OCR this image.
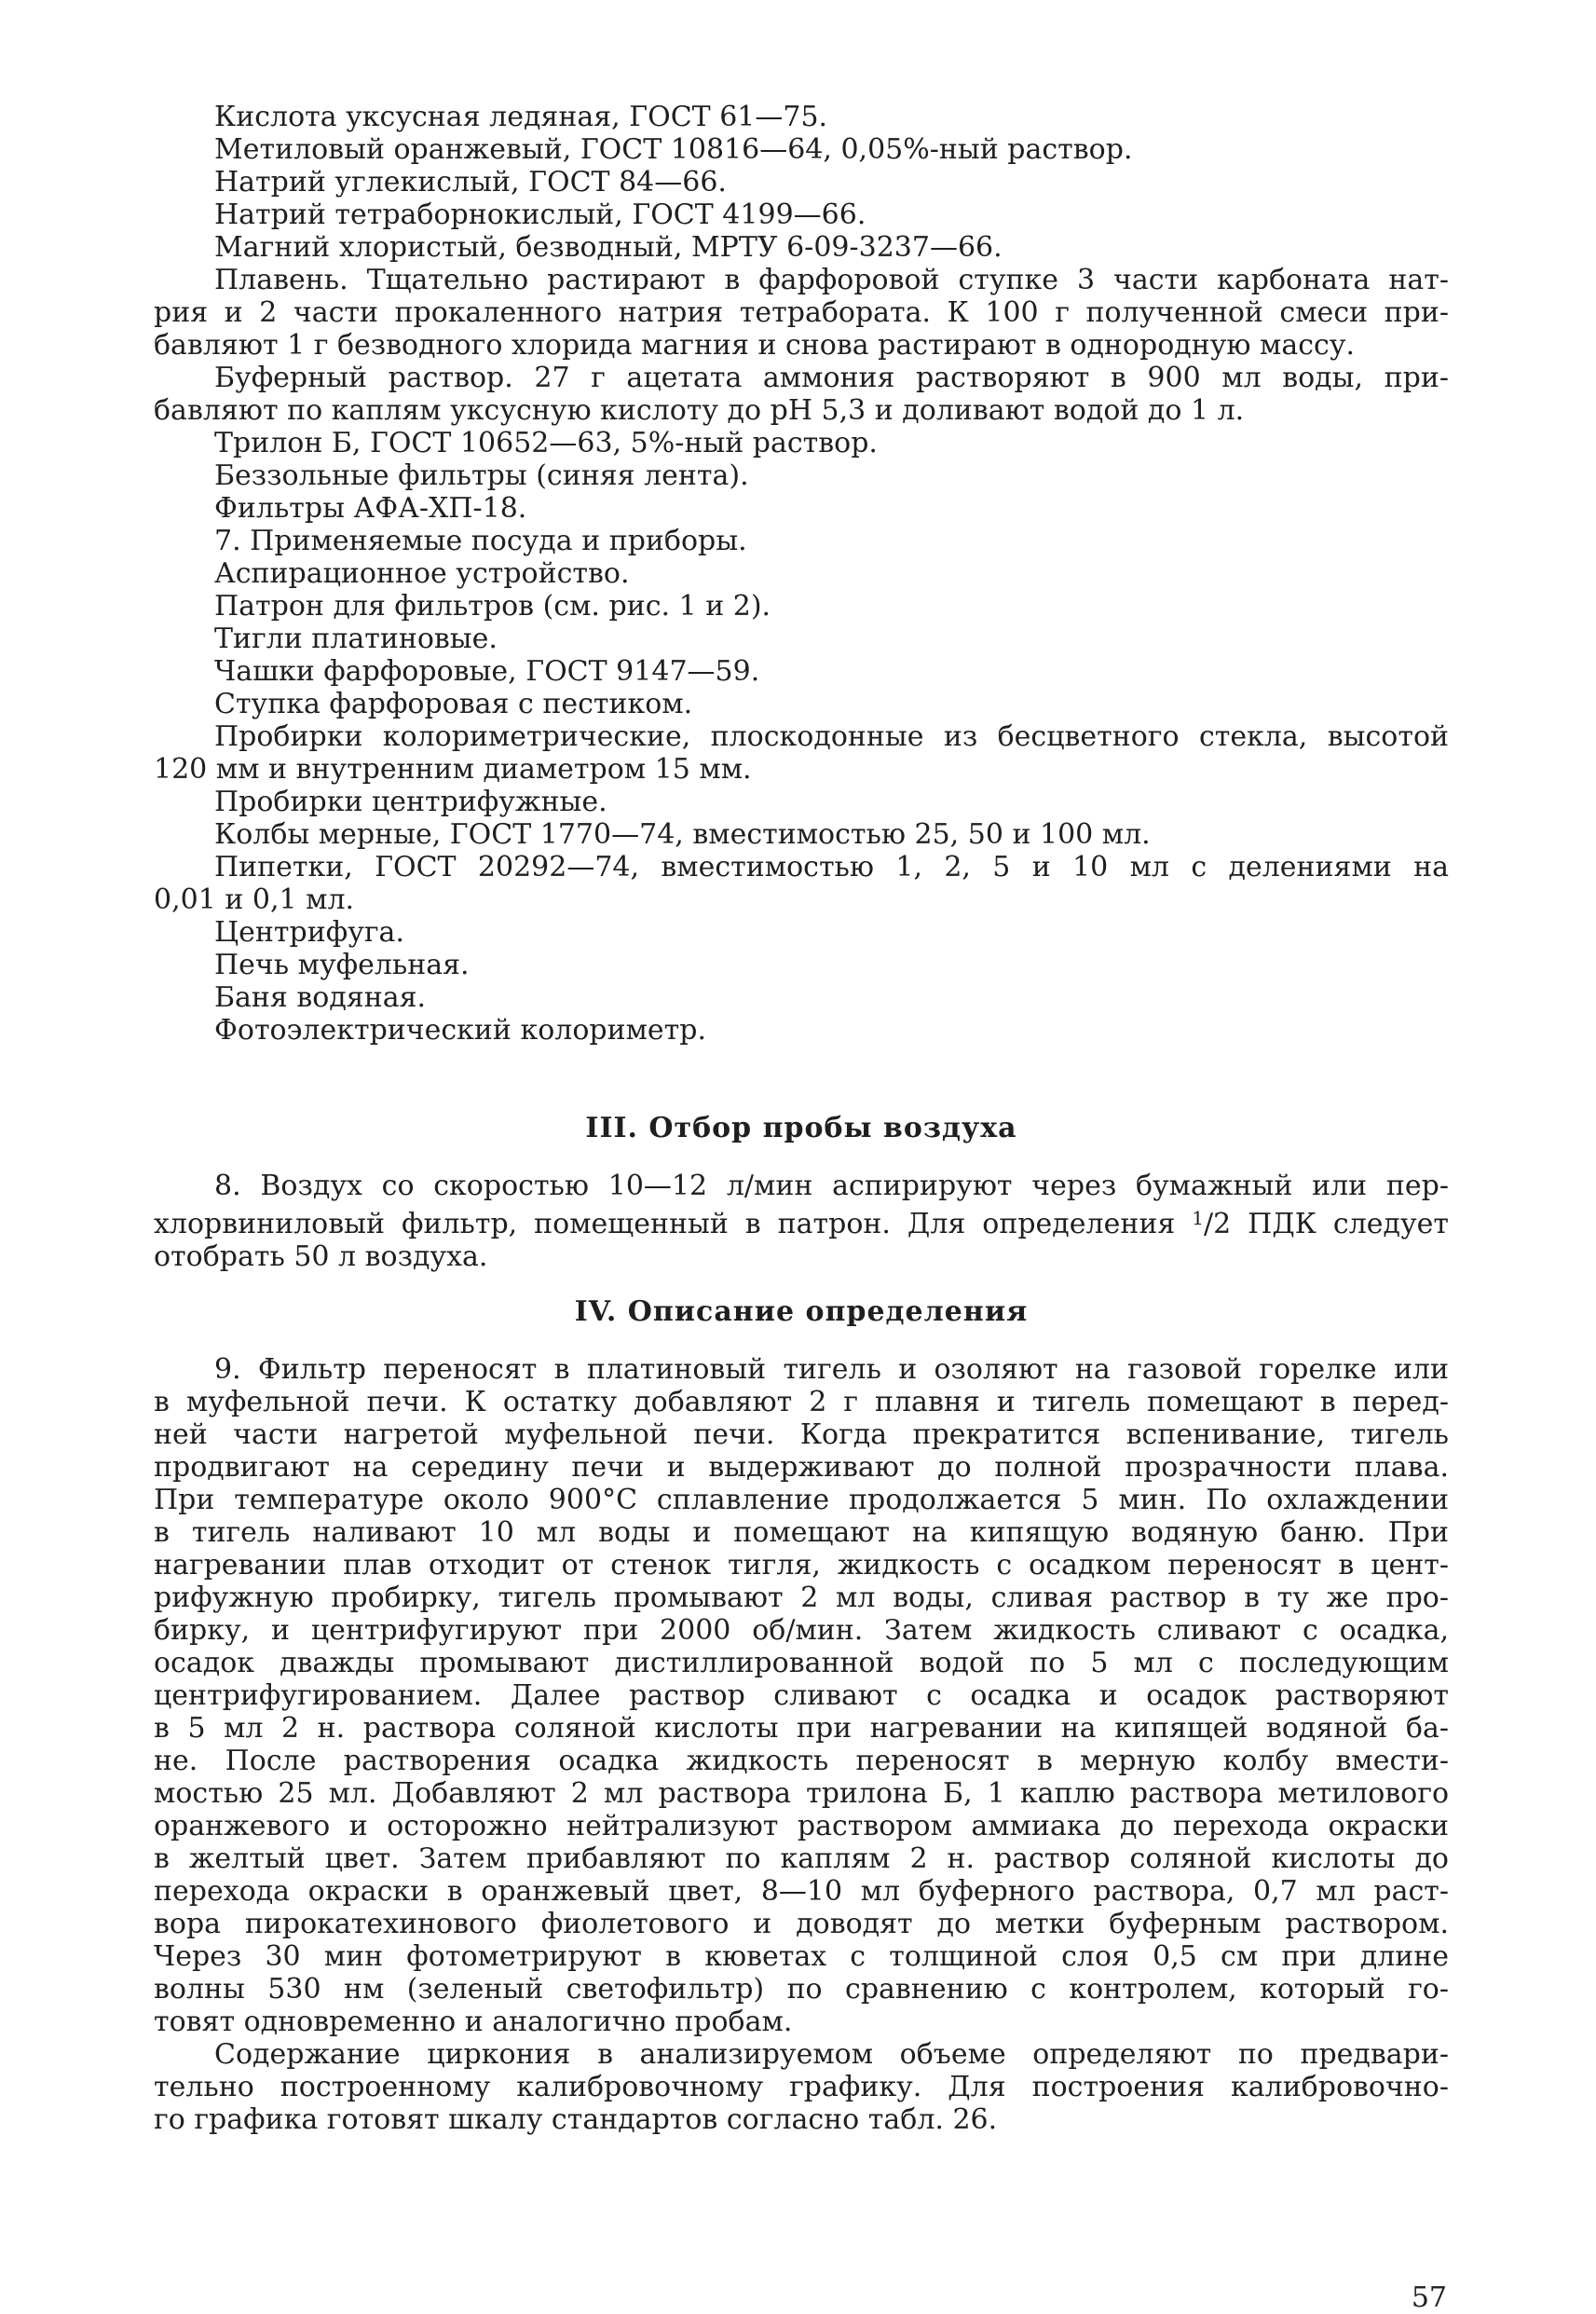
Кислота уксусная ледяная, ГОСТ 61—75.

Метиловый оранжевый, ГОСТ 10816—64, 0,05%-ный раствор.

Натрий углекислый, ГОСТ 84—66.

Натрий тетраборнокислый, ГОСТ 4199—66.

Магний хлористый, безводный, МРТУ 6-09-3237—66.

Плавень. Тщательно растирают в фарфоровой ступке 3 части карбоната нат-

рия и 2 части прокаленного натрия тетрабората. К 100 г полученной смеси при-

бавляют 1 г безводного хлорида магния и снова растирают в однородную массу.

Буферный раствор. 27 г ацетата аммония растворяют в 900 мл воды, при-

бавляют по каплям уксусную кислоту до pH 5,3 и доливают водой до 1 л.

Трилон Б, ГОСТ 10652—63, 5%-ный раствор.

Беззольные фильтры (синяя лента).

Фильтры АФА-ХП-18.

7. Применяемые посуда и приборы.

Аспирационное устройство.

Патрон для фильтров (см. рис. 1 и 2).

Тигли платиновые.

Чашки фарфоровые, ГОСТ 9147—59.

Ступка фарфоровая с пестиком.

Пробирки колориметрические, плоскодонные из бесцветного стекла, высотой

120 мм и внутренним диаметром 15 мм.

Пробирки центрифужные.

Колбы мерные, ГОСТ 1770—74, вместимостью 25, 50 и 100 мл.

Пипетки, ГОСТ 20292—74, вместимостью 1, 2, 5 и 10 мл с делениями на

0,01 и 0,1 мл.

Центрифуга.

Печь муфельная.

Баня водяная.

Фотоэлектрический колориметр.

III. Отбор пробы воздуха

8. Воздух со скоростью 10—12 л/мин аспирируют через бумажный или пер-

хлорвиниловый фильтр, помещенный в патрон. Для определения $^1$/2 ПДК следует

отобрать 50 л воздуха.

IV. Описание определения

9. Фильтр переносят в платиновый тигель и озоляют на газовой горелке или

в муфельной печи. К остатку добавляют 2 г плавня и тигель помещают в перед-

ней части нагретой муфельной печи. Когда прекратится вспенивание, тигель

продвигают на середину печи и выдерживают до полной прозрачности плава.

При температуре около 900°C сплавление продолжается 5 мин. По охлаждении

в тигель наливают 10 мл воды и помещают на кипящую водяную баню. При

нагревании плав отходит от стенок тигля, жидкость с осадком переносят в цент-

рифужную пробирку, тигель промывают 2 мл воды, сливая раствор в ту же про-

бирку, и центрифугируют при 2000 об/мин. Затем жидкость сливают с осадка,

осадок дважды промывают дистиллированной водой по 5 мл с последующим

центрифугированием. Далее раствор сливают с осадка и осадок растворяют

в 5 мл 2 н. раствора соляной кислоты при нагревании на кипящей водяной ба-

не. После растворения осадка жидкость переносят в мерную колбу вмести-

мостью 25 мл. Добавляют 2 мл раствора трилона Б, 1 каплю раствора метилового

оранжевого и осторожно нейтрализуют раствором аммиака до перехода окраски

в желтый цвет. Затем прибавляют по каплям 2 н. раствор соляной кислоты до

перехода окраски в оранжевый цвет, 8—10 мл буферного раствора, 0,7 мл раст-

вора пирокатехинового фиолетового и доводят до метки буферным раствором.

Через 30 мин фотометрируют в кюветах с толщиной слоя 0,5 см при длине

волны 530 нм (зеленый светофильтр) по сравнению с контролем, который го-

товят одновременно и аналогично пробам.

Содержание циркония в анализируемом объеме определяют по предвари-

тельно построенному калибровочному графику. Для построения калибровочно-

го графика готовят шкалу стандартов согласно табл. 26.

57
